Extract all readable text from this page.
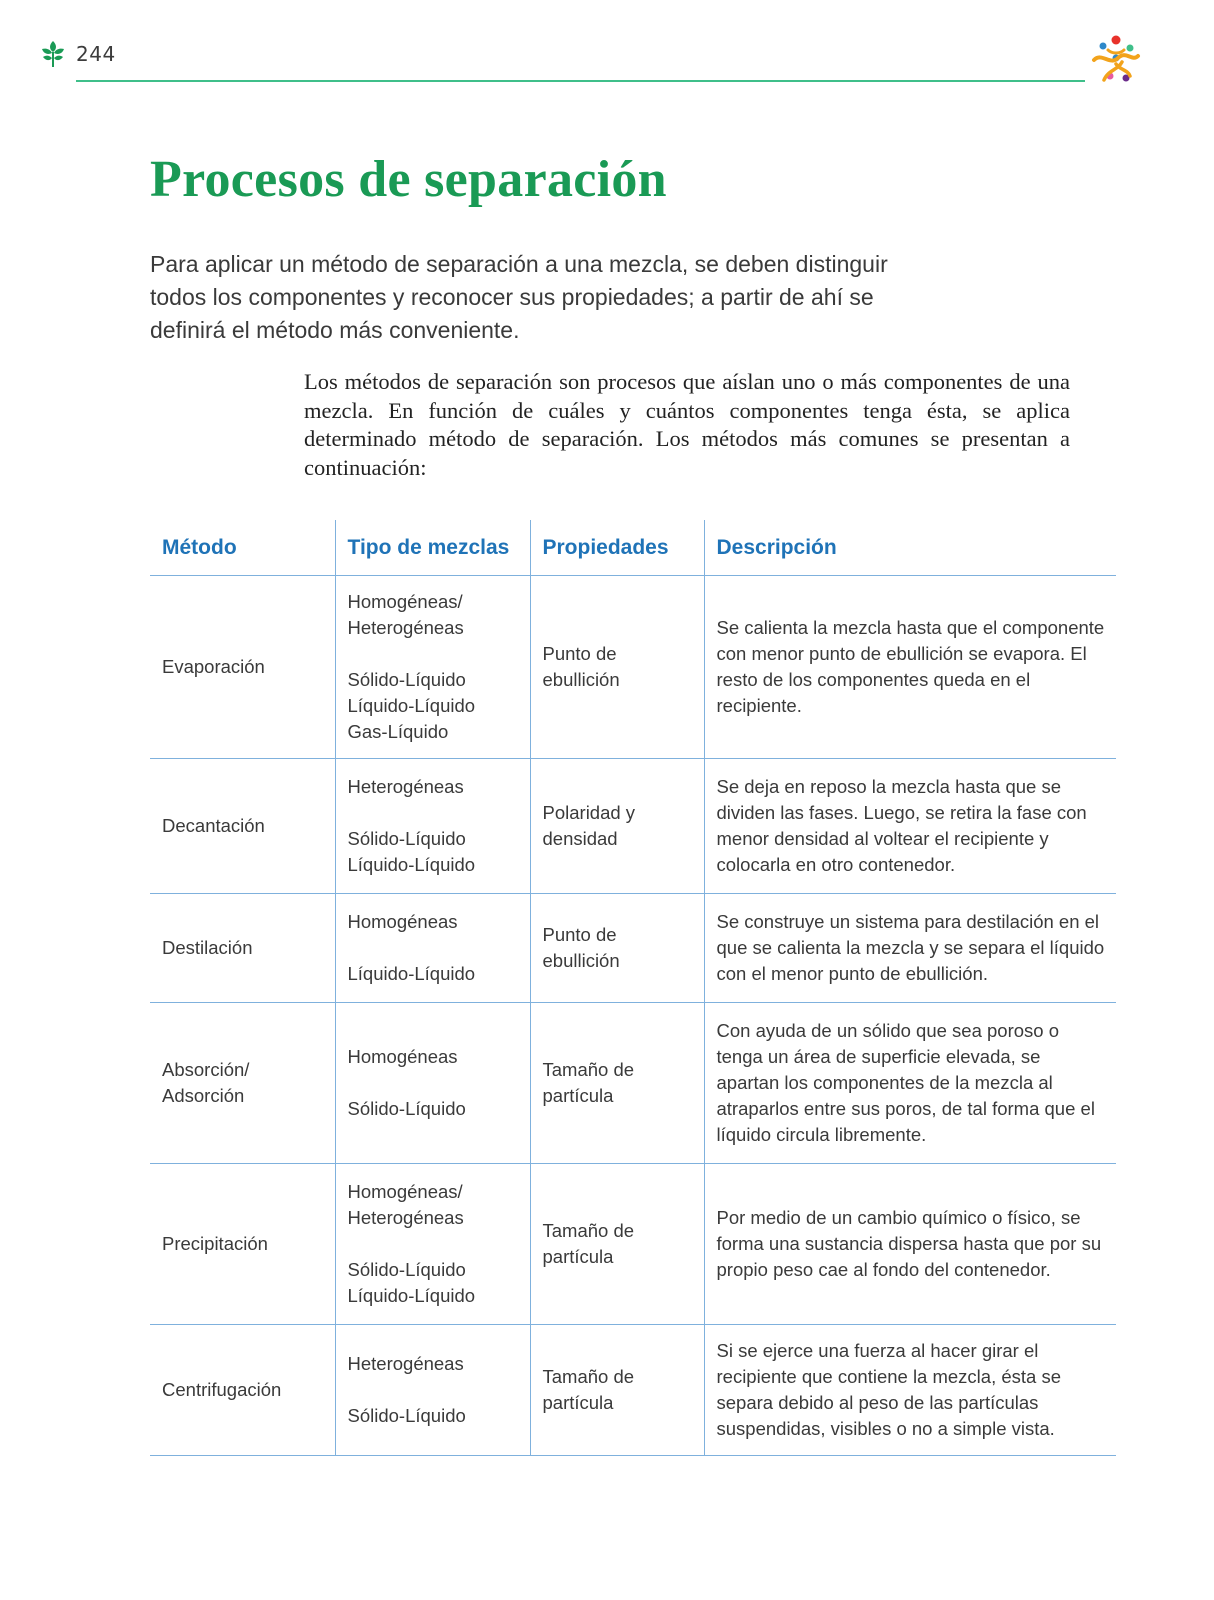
244
Procesos de separación

Para aplicar un método de separación a una mezcla, se deben distinguir todos los componentes y reconocer sus propiedades; a partir de ahí se definirá el método más conveniente.

Los métodos de separación son procesos que aíslan uno o más componentes de una mezcla. En función de cuáles y cuántos componentes tenga ésta, se aplica determinado método de separación. Los métodos más comunes se presentan a continuación:

Método	Tipo de mezclas	Propiedades	Descripción
Evaporación	Homogéneas/
Heterogéneas
Sólido-Líquido
Líquido-Líquido
Gas-Líquido	Punto de ebullición	Se calienta la mezcla hasta que el componente con menor punto de ebullición se evapora. El resto de los componentes queda en el recipiente.
Decantación	Heterogéneas
Sólido-Líquido
Líquido-Líquido	Polaridad y densidad	Se deja en reposo la mezcla hasta que se dividen las fases. Luego, se retira la fase con menor densidad al voltear el recipiente y colocarla en otro contenedor.
Destilación	Homogéneas
Líquido-Líquido	Punto de ebullición	Se construye un sistema para destilación en el que se calienta la mezcla y se separa el líquido con el menor punto de ebullición.
Absorción/ Adsorción	Homogéneas
Sólido-Líquido	Tamaño de partícula	Con ayuda de un sólido que sea poroso o tenga un área de superficie elevada, se apartan los componentes de la mezcla al atraparlos entre sus poros, de tal forma que el líquido circula libremente.
Precipitación	Homogéneas/
Heterogéneas
Sólido-Líquido
Líquido-Líquido	Tamaño de partícula	Por medio de un cambio químico o físico, se forma una sustancia dispersa hasta que por su propio peso cae al fondo del contenedor.
Centrifugación	Heterogéneas
Sólido-Líquido	Tamaño de partícula	Si se ejerce una fuerza al hacer girar el recipiente que contiene la mezcla, ésta se separa debido al peso de las partículas suspendidas, visibles o no a simple vista.
